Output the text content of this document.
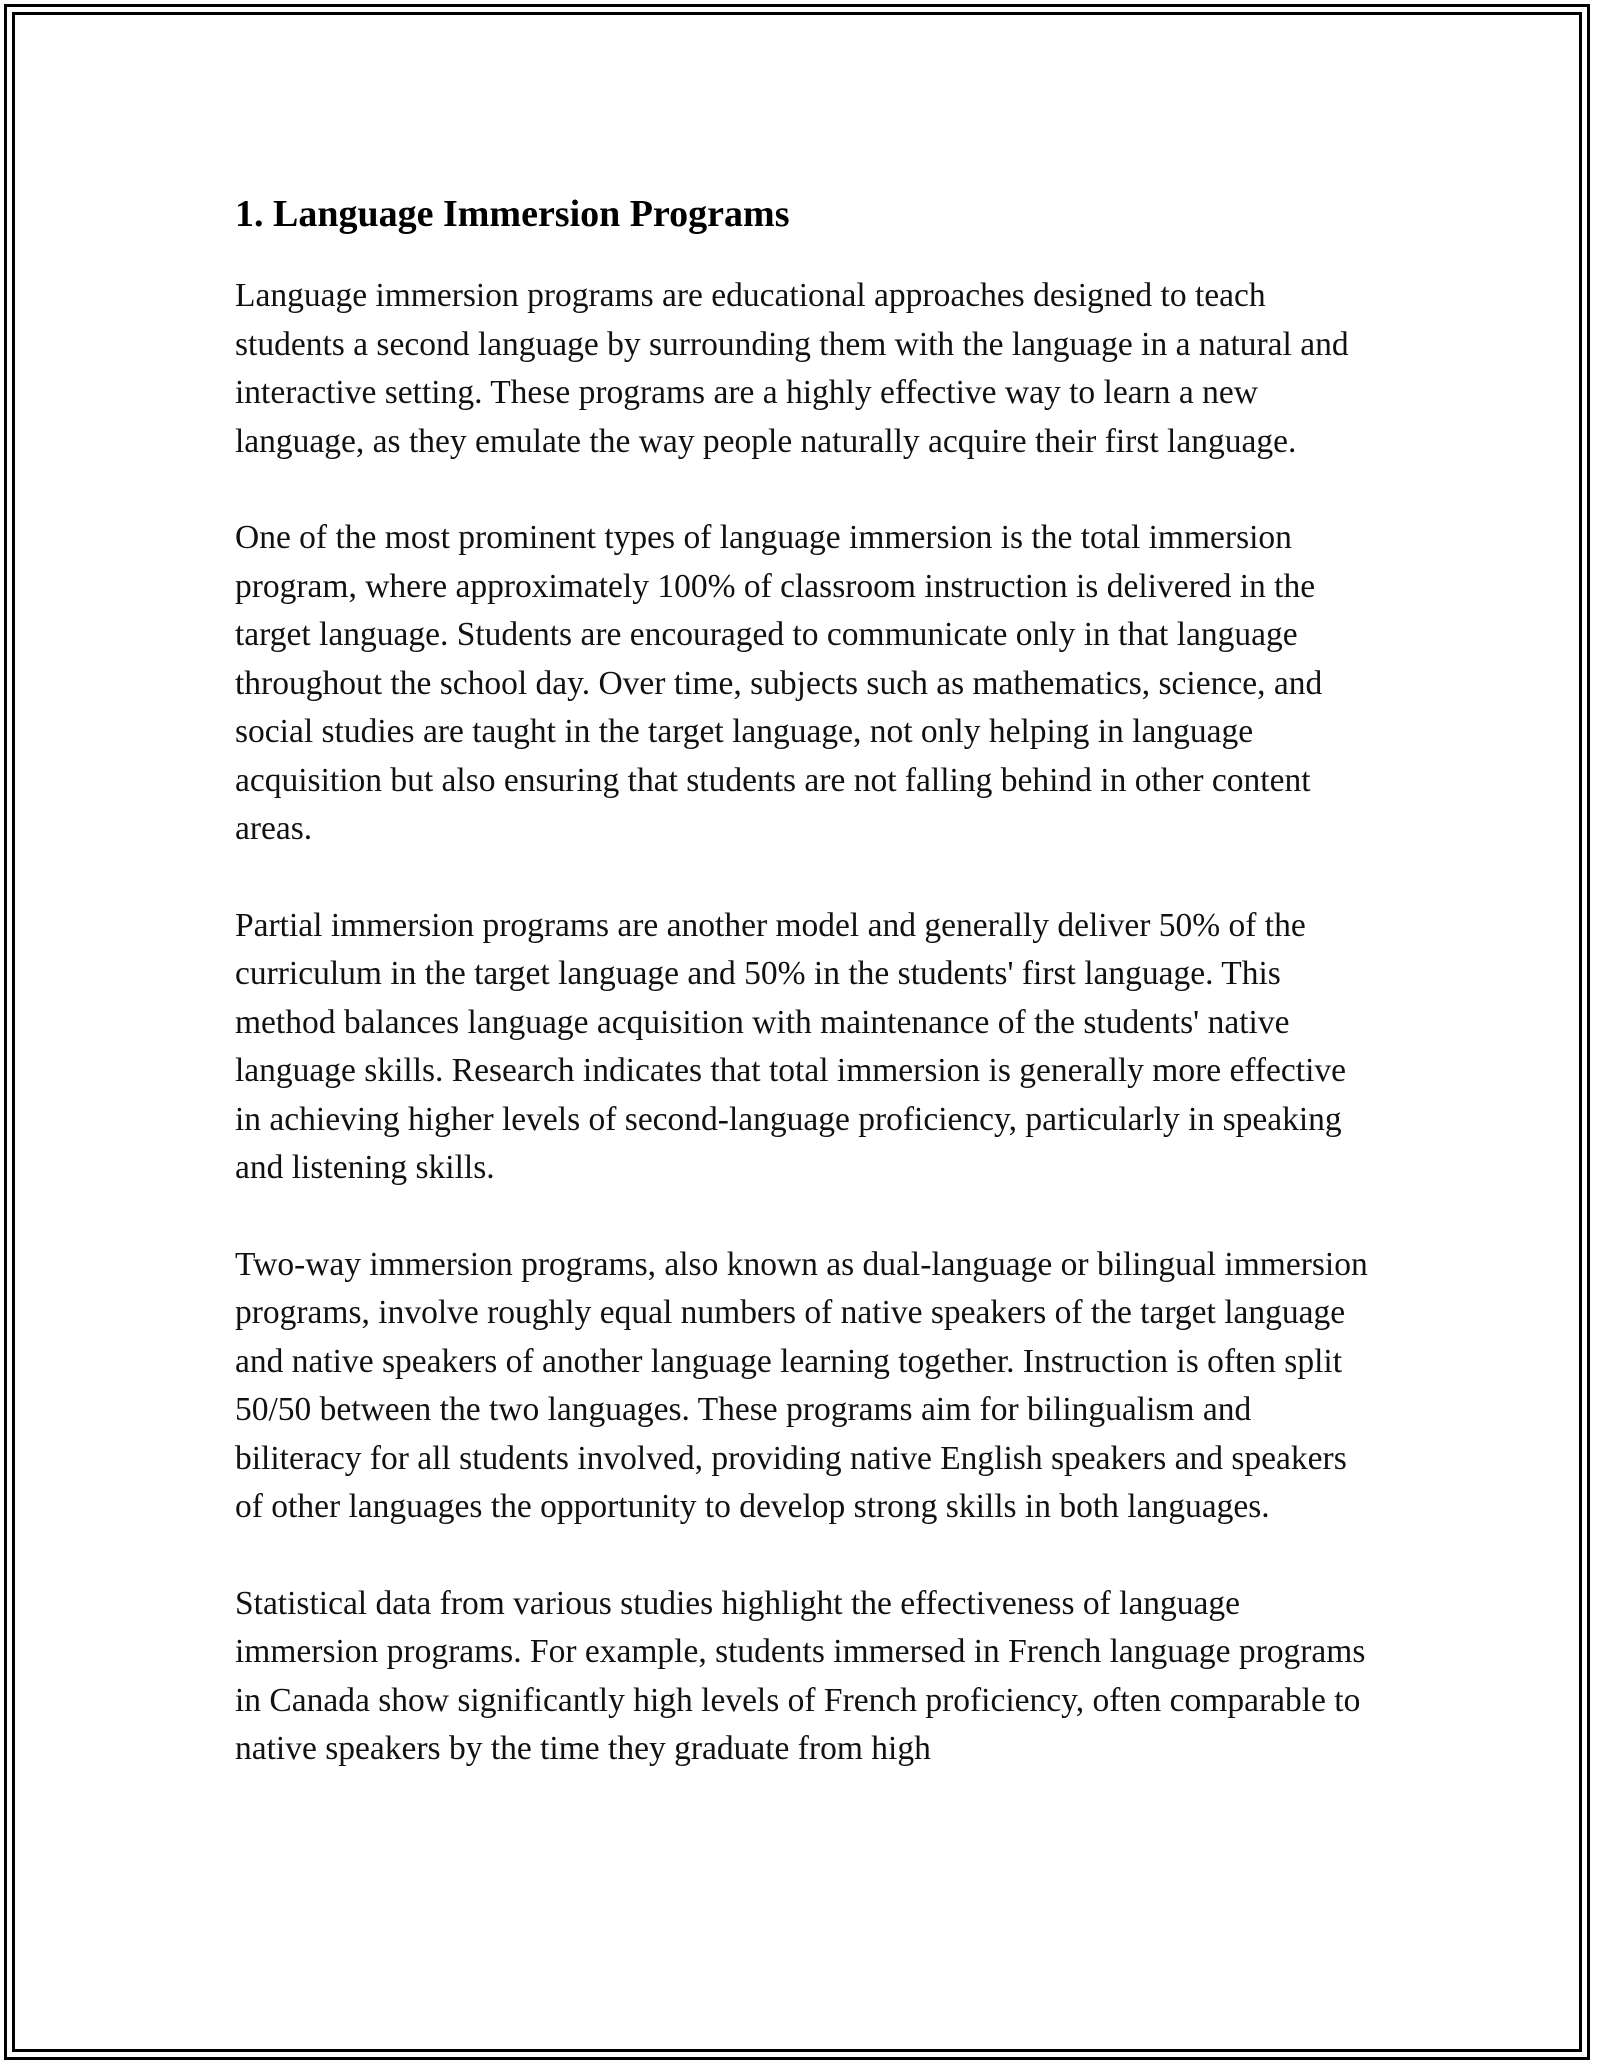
1. Language Immersion Programs

Language immersion programs are educational approaches designed to teach students a second language by surrounding them with the language in a natural and interactive setting. These programs are a highly effective way to learn a new language, as they emulate the way people naturally acquire their first language.

One of the most prominent types of language immersion is the total immersion program, where approximately 100% of classroom instruction is delivered in the target language. Students are encouraged to communicate only in that language throughout the school day. Over time, subjects such as mathematics, science, and social studies are taught in the target language, not only helping in language acquisition but also ensuring that students are not falling behind in other content areas.

Partial immersion programs are another model and generally deliver 50% of the curriculum in the target language and 50% in the students' first language. This method balances language acquisition with maintenance of the students' native language skills. Research indicates that total immersion is generally more effective in achieving higher levels of second-language proficiency, particularly in speaking and listening skills.

Two-way immersion programs, also known as dual-language or bilingual immersion programs, involve roughly equal numbers of native speakers of the target language and native speakers of another language learning together. Instruction is often split 50/50 between the two languages. These programs aim for bilingualism and biliteracy for all students involved, providing native English speakers and speakers of other languages the opportunity to develop strong skills in both languages.

Statistical data from various studies highlight the effectiveness of language immersion programs. For example, students immersed in French language programs in Canada show significantly high levels of French proficiency, often comparable to native speakers by the time they graduate from high
